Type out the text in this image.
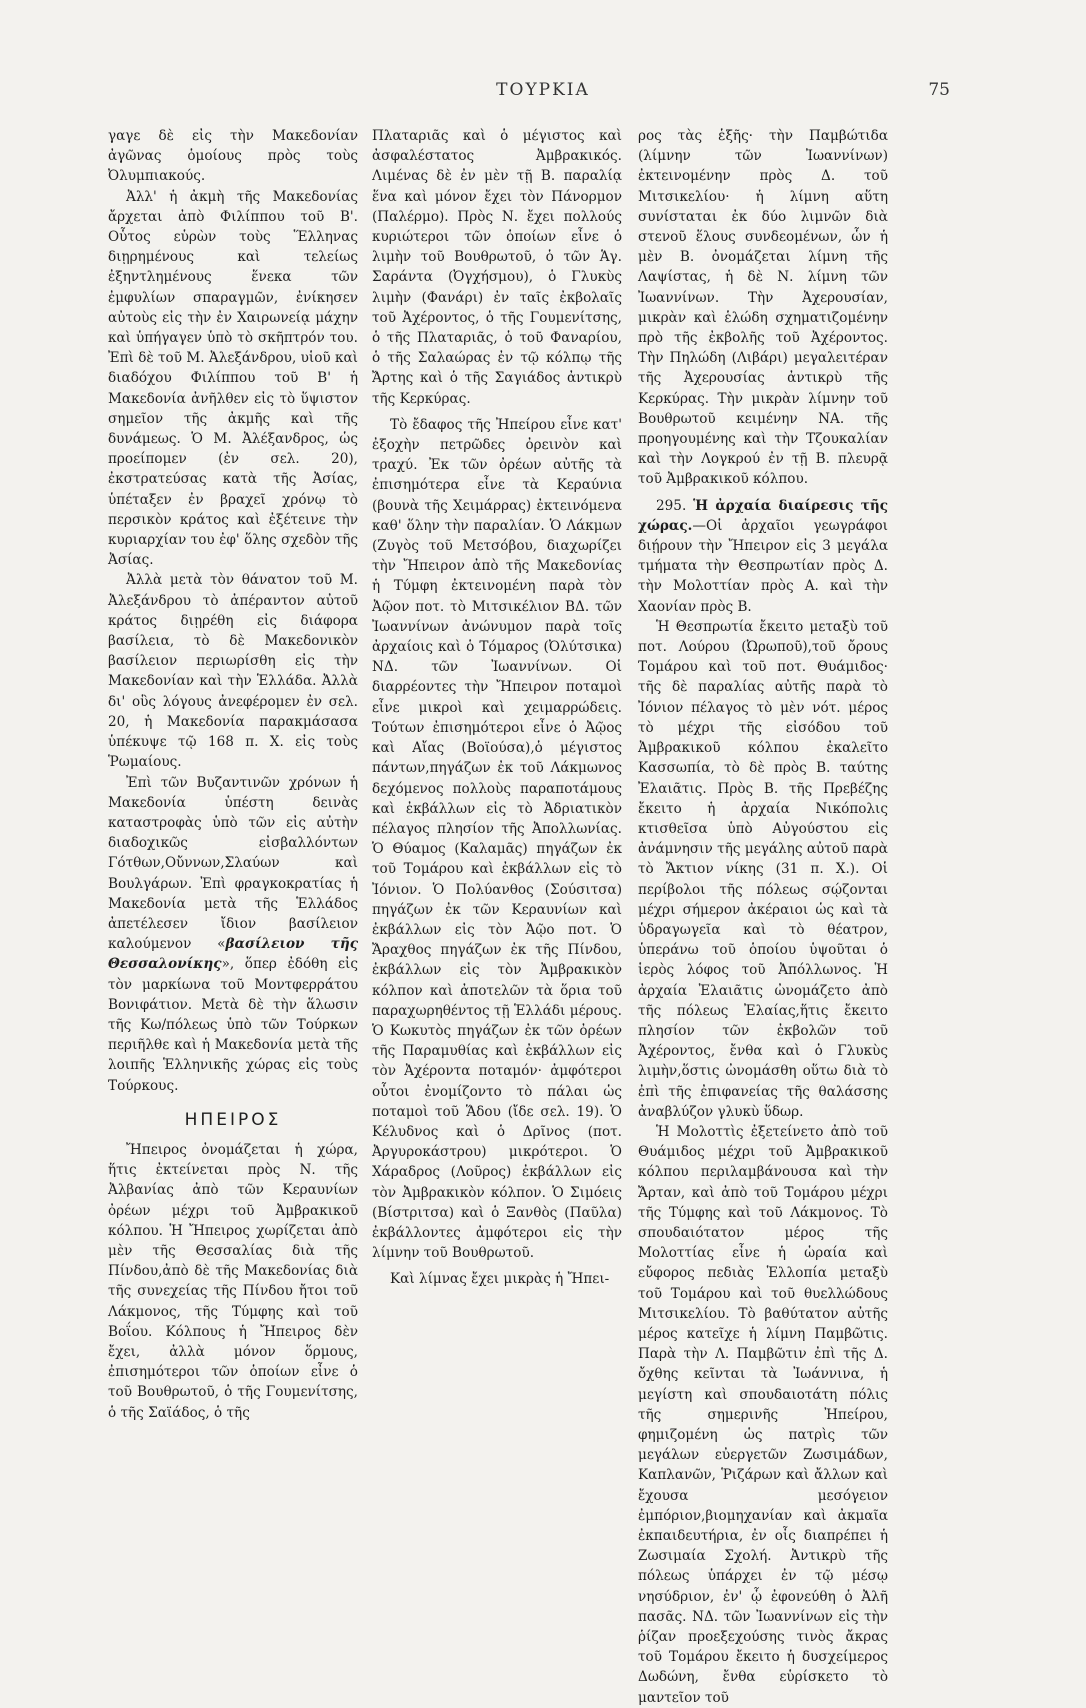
ΤΟΥΡΚΙΑ	75

γαγε δὲ εἰς τὴν Μακεδονίαν ἀγῶνας ὁμοίους πρὸς τοὺς Ὀλυμπιακούς.

Ἀλλ' ἡ ἀκμὴ τῆς Μακεδονίας ἄρχεται ἀπὸ Φιλίππου τοῦ Β'. Οὗτος εὑρὼν τοὺς Ἕλληνας διῃρημένους καὶ τελείως ἐξηντλημένους ἕνεκα τῶν ἐμφυλίων σπαραγμῶν, ἐνίκησεν αὐτοὺς εἰς τὴν ἐν Χαιρωνείᾳ μάχην καὶ ὑπήγαγεν ὑπὸ τὸ σκῆπτρόν του. Ἐπὶ δὲ τοῦ Μ. Ἀλεξάνδρου, υἱοῦ καὶ διαδόχου Φιλίππου τοῦ Β' ἡ Μακεδονία ἀνῆλθεν εἰς τὸ ὕψιστον σημεῖον τῆς ἀκμῆς καὶ τῆς δυνάμεως. Ὁ Μ. Ἀλέξανδρος, ὡς προείπομεν (ἐν σελ. 20), ἐκστρατεύσας κατὰ τῆς Ἀσίας, ὑπέταξεν ἐν βραχεῖ χρόνῳ τὸ περσικὸν κράτος καὶ ἐξέτεινε τὴν κυριαρχίαν του ἐφ' ὅλης σχεδὸν τῆς Ἀσίας.

Ἀλλὰ μετὰ τὸν θάνατον τοῦ Μ. Ἀλεξάνδρου τὸ ἀπέραντον αὐτοῦ κράτος διῃρέθη εἰς διάφορα βασίλεια, τὸ δὲ Μακεδονικὸν βασίλειον περιωρίσθη εἰς τὴν Μακεδονίαν καὶ τὴν Ἑλλάδα. Ἀλλὰ δι' οὓς λόγους ἀνεφέρομεν ἐν σελ. 20, ἡ Μακεδονία παρακμάσασα ὑπέκυψε τῷ 168 π. Χ. εἰς τοὺς Ῥωμαίους.

Ἐπὶ τῶν Βυζαντινῶν χρόνων ἡ Μακεδονία ὑπέστη δεινὰς καταστροφὰς ὑπὸ τῶν εἰς αὐτὴν διαδοχικῶς εἰσβαλλόντων Γότθων,Οὔννων,Σλαύων καὶ Βουλγάρων. Ἐπὶ φραγκοκρατίας ἡ Μακεδονία μετὰ τῆς Ἑλλάδος ἀπετέλεσεν ἴδιον βασίλειον καλούμενον «βασίλειον τῆς Θεσσαλονίκης», ὅπερ ἐδόθη εἰς τὸν μαρκίωνα τοῦ Μοντφερράτου Βονιφάτιον. Μετὰ δὲ τὴν ἅλωσιν τῆς Κω/πόλεως ὑπὸ τῶν Τούρκων περιῆλθε καὶ ἡ Μακεδονία μετὰ τῆς λοιπῆς Ἑλληνικῆς χώρας εἰς τοὺς Τούρκους.

ΗΠΕΙΡΟΣ

Ἤπειρος ὀνομάζεται ἡ χώρα, ἥτις ἐκτείνεται πρὸς Ν. τῆς Ἀλβανίας ἀπὸ τῶν Κεραυνίων ὀρέων μέχρι τοῦ Ἀμβρακικοῦ κόλπου. Ἡ Ἤπειρος χωρίζεται ἀπὸ μὲν τῆς Θεσσαλίας διὰ τῆς Πίνδου,ἀπὸ δὲ τῆς Μακεδονίας διὰ τῆς συνεχείας τῆς Πίνδου ἤτοι τοῦ Λάκμονος, τῆς Τύμφης καὶ τοῦ Βοΐου. Κόλπους ἡ Ἤπειρος δὲν ἔχει, ἀλλὰ μόνον ὅρμους, ἐπισημότεροι τῶν ὁποίων εἶνε ὁ τοῦ Βουθρωτοῦ, ὁ τῆς Γουμενίτσης, ὁ τῆς Σαϊάδος, ὁ τῆς

Πλαταριᾶς καὶ ὁ μέγιστος καὶ ἀσφαλέστατος Ἀμβρακικός. Λιμένας δὲ ἐν μὲν τῇ Β. παραλίᾳ ἕνα καὶ μόνον ἔχει τὸν Πάνορμον (Παλέρμο). Πρὸς Ν. ἔχει πολλούς κυριώτεροι τῶν ὁποίων εἶνε ὁ λιμὴν τοῦ Βουθρωτοῦ, ὁ τῶν Ἁγ. Σαράντα (Ὀγχήσμου), ὁ Γλυκὺς λιμὴν (Φανάρι) ἐν ταῖς ἐκβολαῖς τοῦ Ἀχέροντος, ὁ τῆς Γουμενίτσης, ὁ τῆς Πλαταριᾶς, ὁ τοῦ Φαναρίου, ὁ τῆς Σαλαώρας ἐν τῷ κόλπῳ τῆς Ἄρτης καὶ ὁ τῆς Σαγιάδος ἀντικρὺ τῆς Κερκύρας.

Τὸ ἔδαφος τῆς Ἠπείρου εἶνε κατ' ἐξοχὴν πετρῶδες ὀρεινὸν καὶ τραχύ. Ἐκ τῶν ὀρέων αὐτῆς τὰ ἐπισημότερα εἶνε τὰ Κεραύνια (βουνὰ τῆς Χειμάρρας) ἐκτεινόμενα καθ' ὅλην τὴν παραλίαν. Ὁ Λάκμων (Ζυγὸς τοῦ Μετσόβου, διαχωρίζει τὴν Ἤπειρον ἀπὸ τῆς Μακεδονίας ἡ Τύμφη ἐκτεινομένη παρὰ τὸν Ἀῷον ποτ. τὸ Μιτσικέλιον ΒΔ. τῶν Ἰωαννίνων ἀνώνυμον παρὰ τοῖς ἀρχαίοις καὶ ὁ Τόμαρος (Ὀλύτσικα) ΝΔ. τῶν Ἰωαννίνων. Οἱ διαρρέοντες τὴν Ἤπειρον ποταμοὶ εἶνε μικροὶ καὶ χειμαρρώδεις. Τούτων ἐπισημότεροι εἶνε ὁ Ἀῷος καὶ Αἴας (Βοϊούσα),ὁ μέγιστος πάντων,πηγάζων ἐκ τοῦ Λάκμωνος δεχόμενος πολλοὺς παραποτάμους καὶ ἐκβάλλων εἰς τὸ Ἀδριατικὸν πέλαγος πλησίον τῆς Ἀπολλωνίας. Ὁ Θύαμος (Καλαμᾶς) πηγάζων ἐκ τοῦ Τομάρου καὶ ἐκβάλλων εἰς τὸ Ἰόνιον. Ὁ Πολύανθος (Σούσιτσα) πηγάζων ἐκ τῶν Κεραυνίων καὶ ἐκβάλλων εἰς τὸν Ἀῷο ποτ. Ὁ Ἄραχθος πηγάζων ἐκ τῆς Πίνδου, ἐκβάλλων εἰς τὸν Ἀμβρακικὸν κόλπον καὶ ἀποτελῶν τὰ ὅρια τοῦ παραχωρηθέντος τῇ Ἑλλάδι μέρους. Ὁ Κωκυτὸς πηγάζων ἐκ τῶν ὀρέων τῆς Παραμυθίας καὶ ἐκβάλλων εἰς τὸν Ἀχέροντα ποταμόν· ἀμφότεροι οὗτοι ἐνομίζοντο τὸ πάλαι ὡς ποταμοὶ τοῦ Ἅδου (ἴδε σελ. 19). Ὁ Κέλυδνος καὶ ὁ Δρῖνος (ποτ. Ἀργυροκάστρου) μικρότεροι. Ὁ Χάραδρος (Λοῦρος) ἐκβάλλων εἰς τὸν Ἀμβρακικὸν κόλπον. Ὁ Σιμόεις (Βίστριτσα) καὶ ὁ Ξανθὸς (Παῦλα) ἐκβάλλοντες ἀμφότεροι εἰς τὴν λίμνην τοῦ Βουθρωτοῦ.

Καὶ λίμνας ἔχει μικρὰς ἡ Ἤπει-

ρος τὰς ἑξῆς· τὴν Παμβώτιδα (λίμνην τῶν Ἰωαννίνων) ἐκτεινομένην πρὸς Δ. τοῦ Μιτσικελίου· ἡ λίμνη αὕτη συνίσταται ἐκ δύο λιμνῶν διὰ στενοῦ ἕλους συνδεομένων, ὧν ἡ μὲν Β. ὀνομάζεται λίμνη τῆς Λαψίστας, ἡ δὲ Ν. λίμνη τῶν Ἰωαννίνων. Τὴν Ἀχερουσίαν, μικρὰν καὶ ἑλώδη σχηματιζομένην πρὸ τῆς ἐκβολῆς τοῦ Ἀχέροντος. Τὴν Πηλώδη (Λιβάρι) μεγαλειτέραν τῆς Ἀχερουσίας ἀντικρὺ τῆς Κερκύρας. Τὴν μικρὰν λίμνην τοῦ Βουθρωτοῦ κειμένην ΝΑ. τῆς προηγουμένης καὶ τὴν Τζουκαλίαν καὶ τὴν Λογκρού ἐν τῇ Β. πλευρᾷ τοῦ Ἀμβρακικοῦ κόλπου.

295. Ἡ ἀρχαία διαίρεσις τῆς χώρας.—Οἱ ἀρχαῖοι γεωγράφοι διῄρουν τὴν Ἤπειρον εἰς 3 μεγάλα τμήματα τὴν Θεσπρωτίαν πρὸς Δ. τὴν Μολοττίαν πρὸς Α. καὶ τὴν Χαονίαν πρὸς Β.

Ἡ Θεσπρωτία ἔκειτο μεταξὺ τοῦ ποτ. Λούρου (Ὠρωποῦ),τοῦ ὄρους Τομάρου καὶ τοῦ ποτ. Θυάμιδος· τῆς δὲ παραλίας αὐτῆς παρὰ τὸ Ἰόνιον πέλαγος τὸ μὲν νότ. μέρος τὸ μέχρι τῆς εἰσόδου τοῦ Ἀμβρακικοῦ κόλπου ἐκαλεῖτο Κασσωπία, τὸ δὲ πρὸς Β. ταύτης Ἐλαιᾶτις. Πρὸς Β. τῆς Πρεβέζης ἔκειτο ἡ ἀρχαία Νικόπολις κτισθεῖσα ὑπὸ Αὐγούστου εἰς ἀνάμνησιν τῆς μεγάλης αὐτοῦ παρὰ τὸ Ἄκτιον νίκης (31 π. Χ.). Οἱ περίβολοι τῆς πόλεως σῴζονται μέχρι σήμερον ἀκέραιοι ὡς καὶ τὰ ὑδραγωγεῖα καὶ τὸ θέατρον, ὑπεράνω τοῦ ὁποίου ὑψοῦται ὁ ἱερὸς λόφος τοῦ Ἀπόλλωνος. Ἡ ἀρχαία Ἐλαιᾶτις ὠνομάζετο ἀπὸ τῆς πόλεως Ἐλαίας,ἥτις ἔκειτο πλησίον τῶν ἐκβολῶν τοῦ Ἀχέροντος, ἔνθα καὶ ὁ Γλυκὺς λιμὴν,ὅστις ὠνομάσθη οὕτω διὰ τὸ ἐπὶ τῆς ἐπιφανείας τῆς θαλάσσης ἀναβλύζον γλυκὺ ὕδωρ.

Ἡ Μολοττὶς ἐξετείνετο ἀπὸ τοῦ Θυάμιδος μέχρι τοῦ Ἀμβρακικοῦ κόλπου περιλαμβάνουσα καὶ τὴν Ἄρταν, καὶ ἀπὸ τοῦ Τομάρου μέχρι τῆς Τύμφης καὶ τοῦ Λάκμονος. Τὸ σπουδαιότατον μέρος τῆς Μολοττίας εἶνε ἡ ὡραία καὶ εὔφορος πεδιὰς Ἑλλοπία μεταξὺ τοῦ Τομάρου καὶ τοῦ θυελλώδους Μιτσικελίου. Τὸ βαθύτατον αὐτῆς μέρος κατεῖχε ἡ λίμνη Παμβῶτις. Παρὰ τὴν Λ. Παμβῶτιν ἐπὶ τῆς Δ. ὄχθης κεῖνται τὰ Ἰωάννινα, ἡ μεγίστη καὶ σπουδαιοτάτη πόλις τῆς σημερινῆς Ἠπείρου, φημιζομένη ὡς πατρὶς τῶν μεγάλων εὐεργετῶν Ζωσιμάδων, Καπλανῶν, Ῥιζάρων καὶ ἄλλων καὶ ἔχουσα μεσόγειον ἐμπόριον,βιομηχανίαν καὶ ἀκμαῖα ἐκπαιδευτήρια, ἐν οἷς διαπρέπει ἡ Ζωσιμαία Σχολή. Ἀντικρὺ τῆς πόλεως ὑπάρχει ἐν τῷ μέσῳ νησύδριον, ἐν' ᾧ ἐφονεύθη ὁ Ἀλῆ πασᾶς. ΝΔ. τῶν Ἰωαννίνων εἰς τὴν ῥίζαν προεξεχούσης τινὸς ἄκρας τοῦ Τομάρου ἔκειτο ἡ δυσχείμερος Δωδώνη, ἔνθα εὑρίσκετο τὸ μαντεῖον τοῦ
